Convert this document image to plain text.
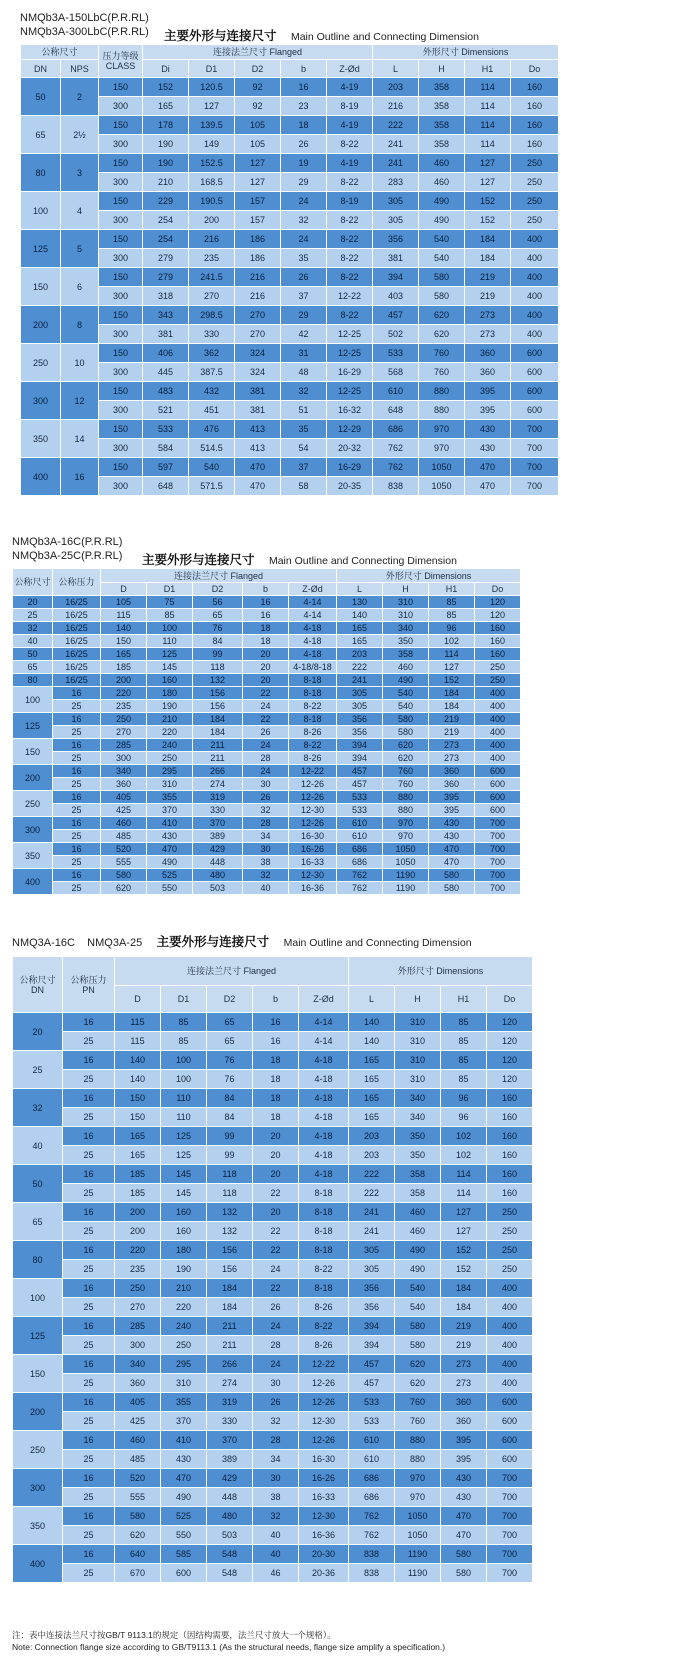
NMQb3A-150LbC(P.R.RL)
NMQb3A-300LbC(P.R.RL) 主要外形与连接尺寸 Main Outline and Connecting Dimension
公称尺寸		压力等级
CLASS	连接法兰尺寸 Flanged					外形尺寸 Dimensions			
DN	NPS		Di	D1	D2	b	Z-Ød	L	H	H1	Do
50	2	150	152	120.5	92	16	4-19	203	358	114	160
		300	165	127	92	23	8-19	216	358	114	160
65	2½	150	178	139.5	105	18	4-19	222	358	114	160
		300	190	149	105	26	8-22	241	358	114	160
80	3	150	190	152.5	127	19	4-19	241	460	127	250
		300	210	168.5	127	29	8-22	283	460	127	250
100	4	150	229	190.5	157	24	8-19	305	490	152	250
		300	254	200	157	32	8-22	305	490	152	250
125	5	150	254	216	186	24	8-22	356	540	184	400
		300	279	235	186	35	8-22	381	540	184	400
150	6	150	279	241.5	216	26	8-22	394	580	219	400
		300	318	270	216	37	12-22	403	580	219	400
200	8	150	343	298.5	270	29	8-22	457	620	273	400
		300	381	330	270	42	12-25	502	620	273	400
250	10	150	406	362	324	31	12-25	533	760	360	600
		300	445	387.5	324	48	16-29	568	760	360	600
300	12	150	483	432	381	32	12-25	610	880	395	600
		300	521	451	381	51	16-32	648	880	395	600
350	14	150	533	476	413	35	12-29	686	970	430	700
		300	584	514.5	413	54	20-32	762	970	430	700
400	16	150	597	540	470	37	16-29	762	1050	470	700
		300	648	571.5	470	58	20-35	838	1050	470	700
NMQb3A-16C(P.R.RL)
NMQb3A-25C(P.R.RL) 主要外形与连接尺寸 Main Outline and Connecting Dimension
公称尺寸	公称压力	连接法兰尺寸 Flanged					外形尺寸 Dimensions			
		D	D1	D2	b	Z-Ød	L	H	H1	Do
20	16/25	105	75	56	16	4-14	130	310	85	120
25	16/25	115	85	65	16	4-14	140	310	85	120
32	16/25	140	100	76	18	4-18	165	340	96	160
40	16/25	150	110	84	18	4-18	165	350	102	160
50	16/25	165	125	99	20	4-18	203	358	114	160
65	16/25	185	145	118	20	4-18/8-18	222	460	127	250
80	16/25	200	160	132	20	8-18	241	490	152	250
100	16	220	180	156	22	8-18	305	540	184	400
	25	235	190	156	24	8-22	305	540	184	400
125	16	250	210	184	22	8-18	356	580	219	400
	25	270	220	184	26	8-26	356	580	219	400
150	16	285	240	211	24	8-22	394	620	273	400
	25	300	250	211	28	8-26	394	620	273	400
200	16	340	295	266	24	12-22	457	760	360	600
	25	360	310	274	30	12-26	457	760	360	600
250	16	405	355	319	26	12-26	533	880	395	600
	25	425	370	330	32	12-30	533	880	395	600
300	16	460	410	370	28	12-26	610	970	430	700
	25	485	430	389	34	16-30	610	970	430	700
350	16	520	470	429	30	16-26	686	1050	470	700
	25	555	490	448	38	16-33	686	1050	470	700
400	16	580	525	480	32	12-30	762	1190	580	700
	25	620	550	503	40	16-36	762	1190	580	700
NMQ3A-16C    NMQ3A-25 主要外形与连接尺寸 Main Outline and Connecting Dimension
公称尺寸
DN	公称压力
PN	连接法兰尺寸 Flanged					外形尺寸 Dimensions			
		D	D1	D2	b	Z-Ød	L	H	H1	Do
20	16	115	85	65	16	4-14	140	310	85	120
	25	115	85	65	16	4-14	140	310	85	120
25	16	140	100	76	18	4-18	165	310	85	120
	25	140	100	76	18	4-18	165	310	85	120
32	16	150	110	84	18	4-18	165	340	96	160
	25	150	110	84	18	4-18	165	340	96	160
40	16	165	125	99	20	4-18	203	350	102	160
	25	165	125	99	20	4-18	203	350	102	160
50	16	185	145	118	20	4-18	222	358	114	160
	25	185	145	118	22	8-18	222	358	114	160
65	16	200	160	132	20	8-18	241	460	127	250
	25	200	160	132	22	8-18	241	460	127	250
80	16	220	180	156	22	8-18	305	490	152	250
	25	235	190	156	24	8-22	305	490	152	250
100	16	250	210	184	22	8-18	356	540	184	400
	25	270	220	184	26	8-26	356	540	184	400
125	16	285	240	211	24	8-22	394	580	219	400
	25	300	250	211	28	8-26	394	580	219	400
150	16	340	295	266	24	12-22	457	620	273	400
	25	360	310	274	30	12-26	457	620	273	400
200	16	405	355	319	26	12-26	533	760	360	600
	25	425	370	330	32	12-30	533	760	360	600
250	16	460	410	370	28	12-26	610	880	395	600
	25	485	430	389	34	16-30	610	880	395	600
300	16	520	470	429	30	16-26	686	970	430	700
	25	555	490	448	38	16-33	686	970	430	700
350	16	580	525	480	32	12-30	762	1050	470	700
	25	620	550	503	40	16-36	762	1050	470	700
400	16	640	585	548	40	20-30	838	1190	580	700
	25	670	600	548	46	20-36	838	1190	580	700
注：表中连接法兰尺寸按GB/T 9113.1的规定（因结构需要，法兰尺寸放大一个规格）。
Note: Connection flange size according to GB/T9113.1 (As the structural needs, flange size amplify a specification.)
